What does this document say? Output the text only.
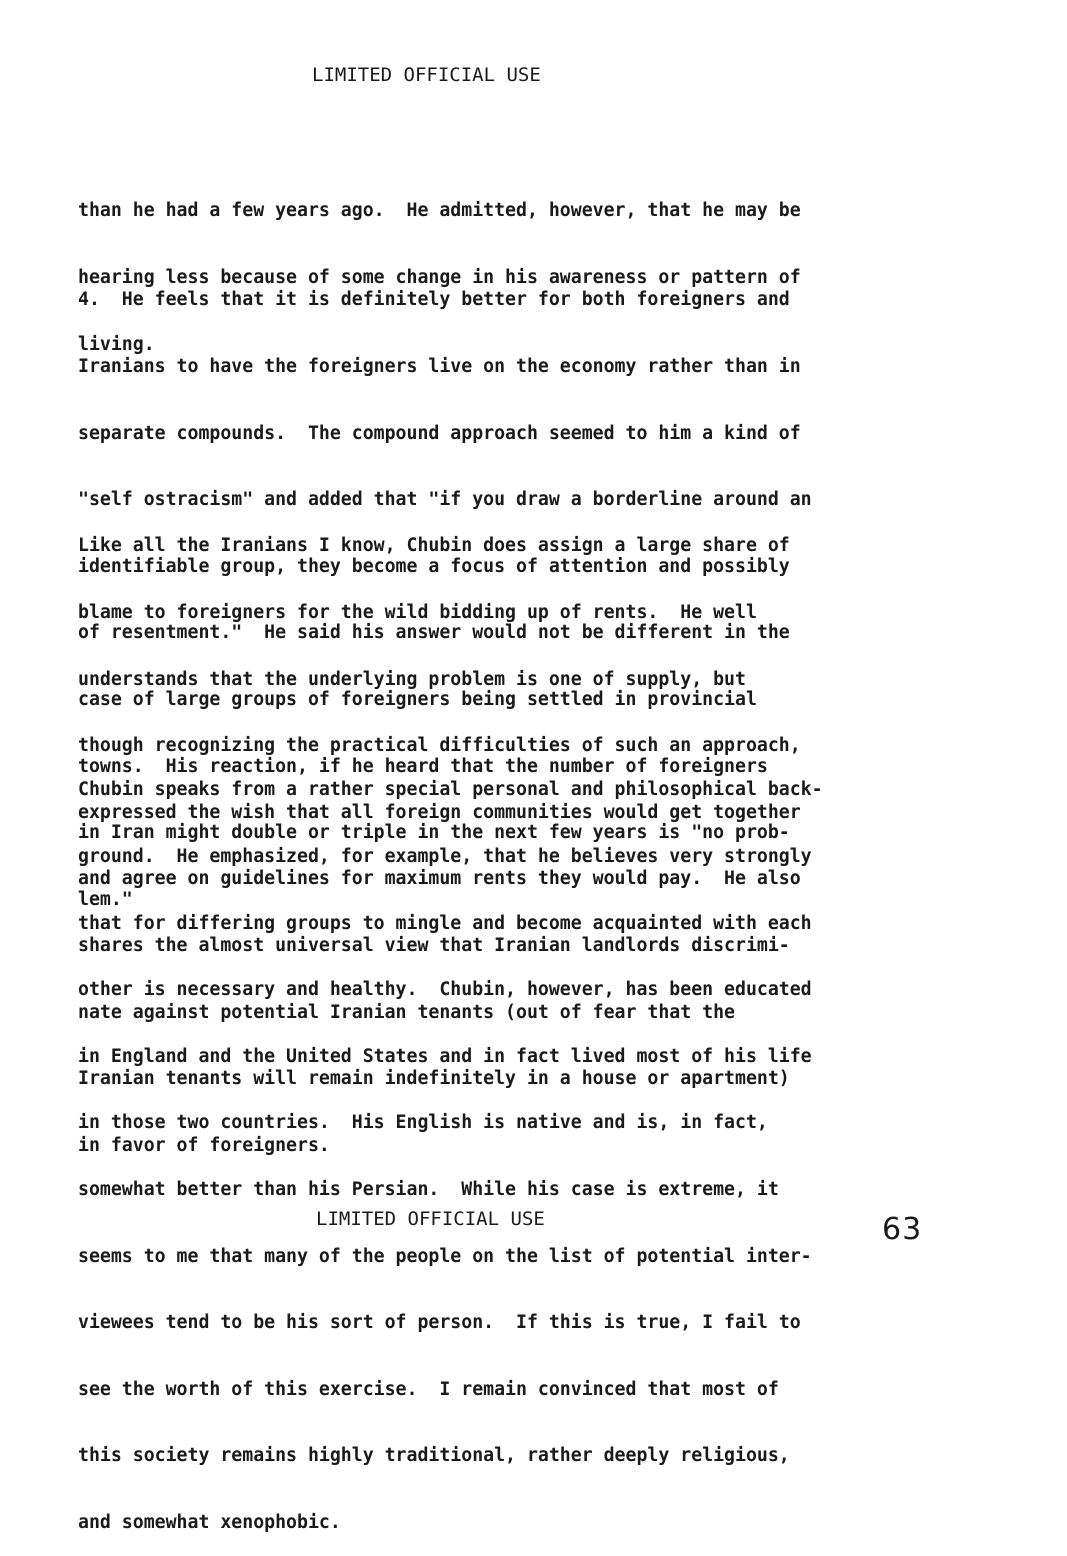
LIMITED OFFICIAL USE

than he had a few years ago.  He admitted, however, that he may be

hearing less because of some change in his awareness or pattern of

living.

4.  He feels that it is definitely better for both foreigners and

Iranians to have the foreigners live on the economy rather than in

separate compounds.  The compound approach seemed to him a kind of

"self ostracism" and added that "if you draw a borderline around an

identifiable group, they become a focus of attention and possibly

of resentment."  He said his answer would not be different in the

case of large groups of foreigners being settled in provincial

towns.  His reaction, if he heard that the number of foreigners

in Iran might double or triple in the next few years is "no prob-

lem."

Like all the Iranians I know, Chubin does assign a large share of

blame to foreigners for the wild bidding up of rents.  He well

understands that the underlying problem is one of supply, but

though recognizing the practical difficulties of such an approach,

expressed the wish that all foreign communities would get together

and agree on guidelines for maximum rents they would pay.  He also

shares the almost universal view that Iranian landlords discrimi-

nate against potential Iranian tenants (out of fear that the

Iranian tenants will remain indefinitely in a house or apartment)

in favor of foreigners.

Chubin speaks from a rather special personal and philosophical back-

ground.  He emphasized, for example, that he believes very strongly

that for differing groups to mingle and become acquainted with each

other is necessary and healthy.  Chubin, however, has been educated

in England and the United States and in fact lived most of his life

in those two countries.  His English is native and is, in fact,

somewhat better than his Persian.  While his case is extreme, it

seems to me that many of the people on the list of potential inter-

viewees tend to be his sort of person.  If this is true, I fail to

see the worth of this exercise.  I remain convinced that most of

this society remains highly traditional, rather deeply religious,

and somewhat xenophobic.

LIMITED OFFICIAL USE	63
